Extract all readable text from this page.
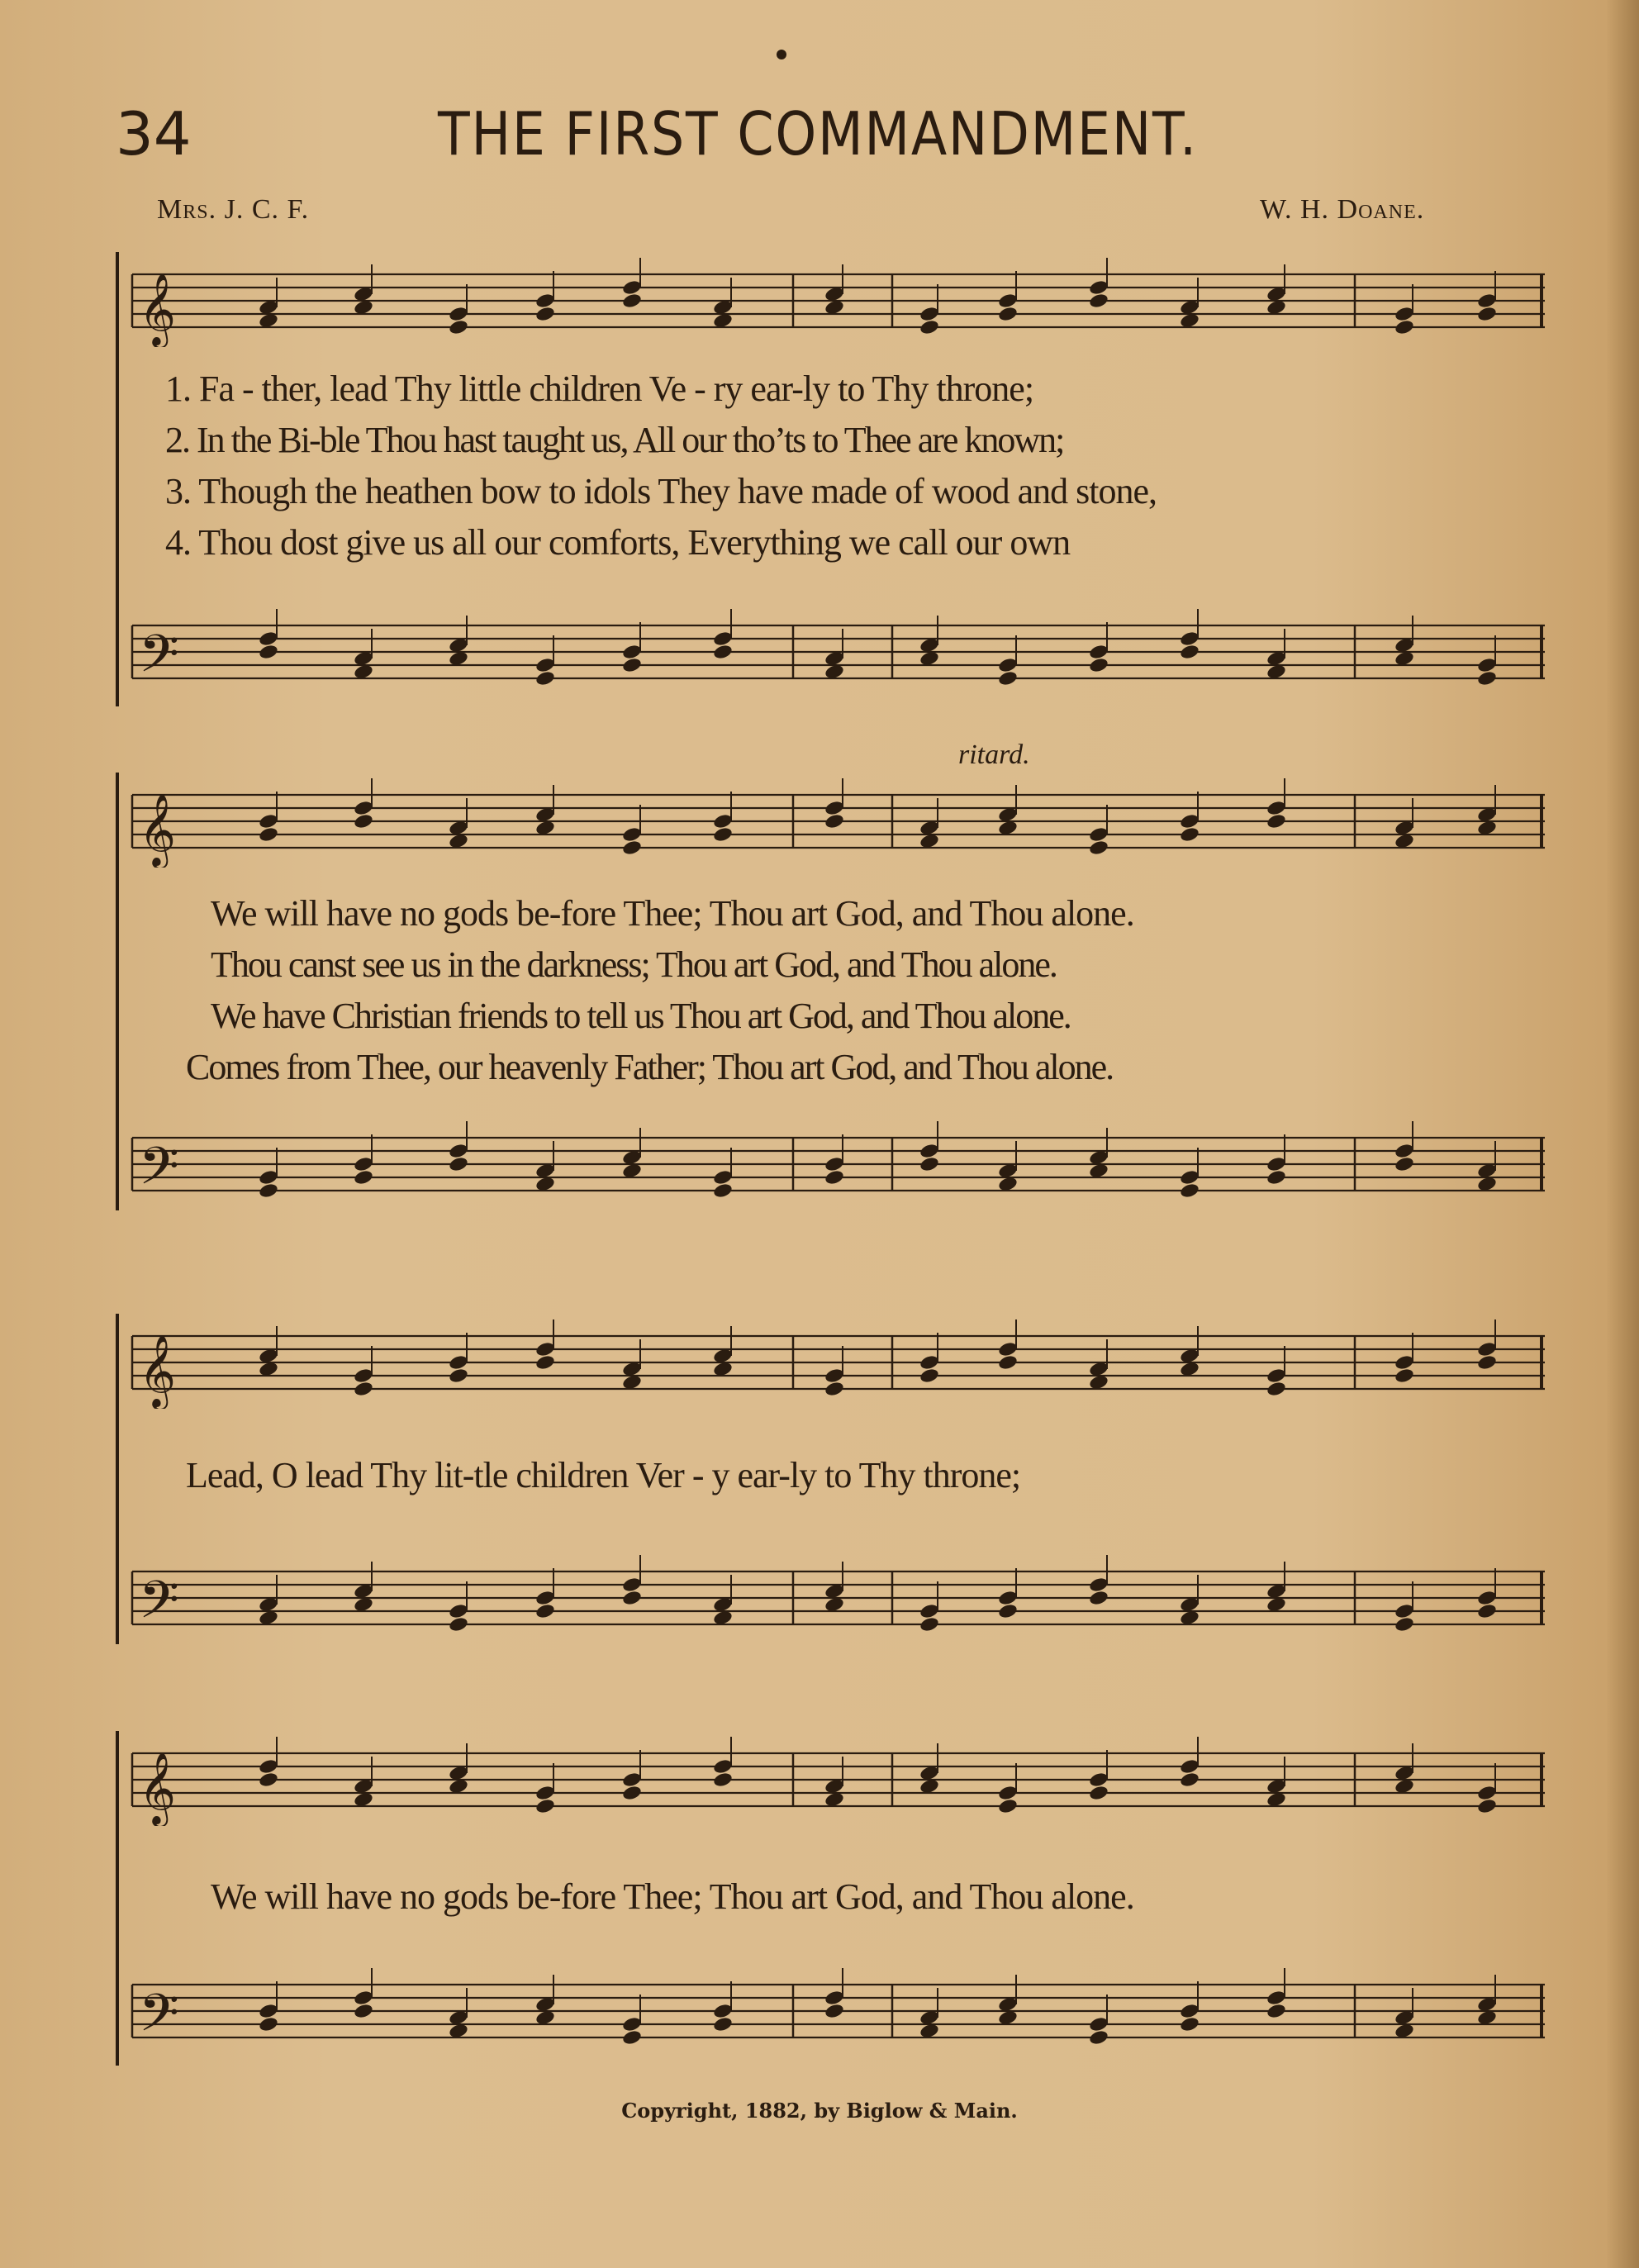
34	THE FIRST COMMANDMENT.
Mrs. J. C. F.	W. H. Doane.
𝄞
1. Fa - ther, lead Thy little children Ve - ry ear-ly to Thy throne;
2. In the Bi-ble Thou hast taught us, All our tho’ts to Thee are known;
3. Though the heathen bow to idols They have made of wood and stone,
4. Thou dost give us all our comforts, Everything we call our own
𝄢
ritard.
𝄞
We will have no gods be-fore Thee; Thou art God, and Thou alone.
Thou canst see us in the darkness; Thou art God, and Thou alone.
We have Christian friends to tell us Thou art God, and Thou alone.
Comes from Thee, our heavenly Father; Thou art God, and Thou alone.
𝄢
𝄞
Lead, O lead Thy lit-tle children Ver - y ear-ly to Thy throne;
𝄢
𝄞
We will have no gods be-fore Thee; Thou art God, and Thou alone.
𝄢
Copyright, 1882, by Biglow & Main.
